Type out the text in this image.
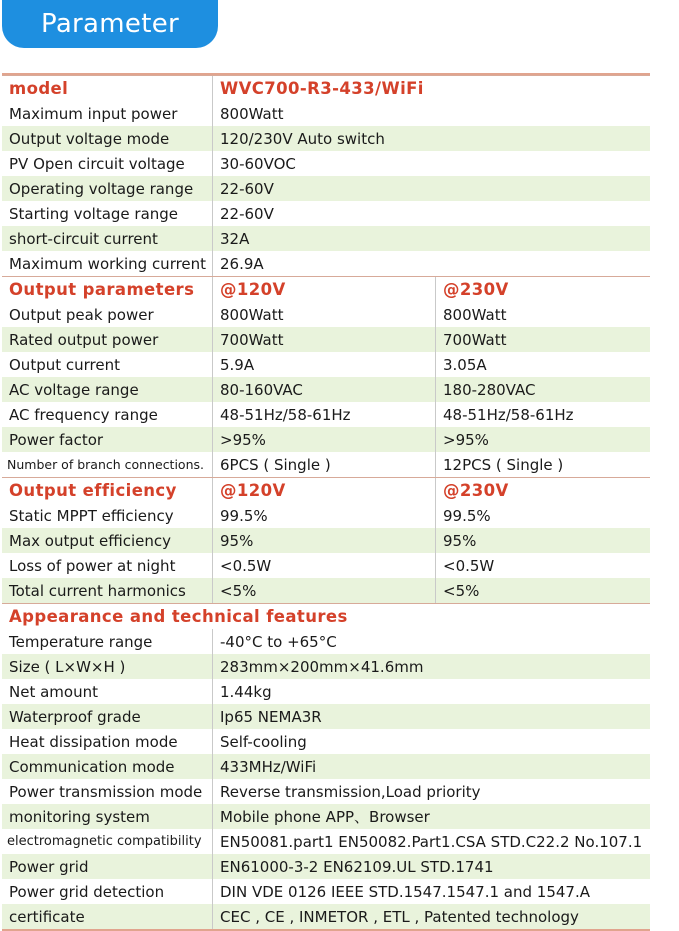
Parameter
model	WVC700-R3-433/WiFi
Maximum input power	800Watt
Output voltage mode	120/230V Auto switch
PV Open circuit voltage	30-60VOC
Operating voltage range	22-60V
Starting voltage range	22-60V
short-circuit current	32A
Maximum working current 26.9A
Output parameters	@120V	@230V
Output peak power	800Watt	800Watt
Rated output power	700Watt	700Watt
Output current	5.9A	3.05A
AC voltage range	80-160VAC	180-280VAC
AC frequency range	48-51Hz/58-61Hz	48-51Hz/58-61Hz
Power factor	>95%	>95%
Number of branch connections.	6PCS ( Single )	12PCS ( Single )
Output efficiency	@120V	@230V
Static MPPT efficiency	99.5%	99.5%
Max output efficiency	95%	95%
Loss of power at night	<0.5W	<0.5W
Total current harmonics	<5%	<5%
Appearance and technical features
Temperature range	-40°C to +65°C
Size ( L×W×H )	283mm×200mm×41.6mm
Net amount	1.44kg
Waterproof grade	Ip65 NEMA3R
Heat dissipation mode	Self-cooling
Communication mode	433MHz/WiFi
Power transmission mode	Reverse transmission,Load priority
monitoring system	Mobile phone APP、Browser
electromagnetic compatibility	EN50081.part1 EN50082.Part1.CSA STD.C22.2 No.107.1
Power grid	EN61000-3-2 EN62109.UL STD.1741
Power grid detection	DIN VDE 0126 IEEE STD.1547.1547.1 and 1547.A
certificate	CEC , CE , INMETOR , ETL , Patented technology
